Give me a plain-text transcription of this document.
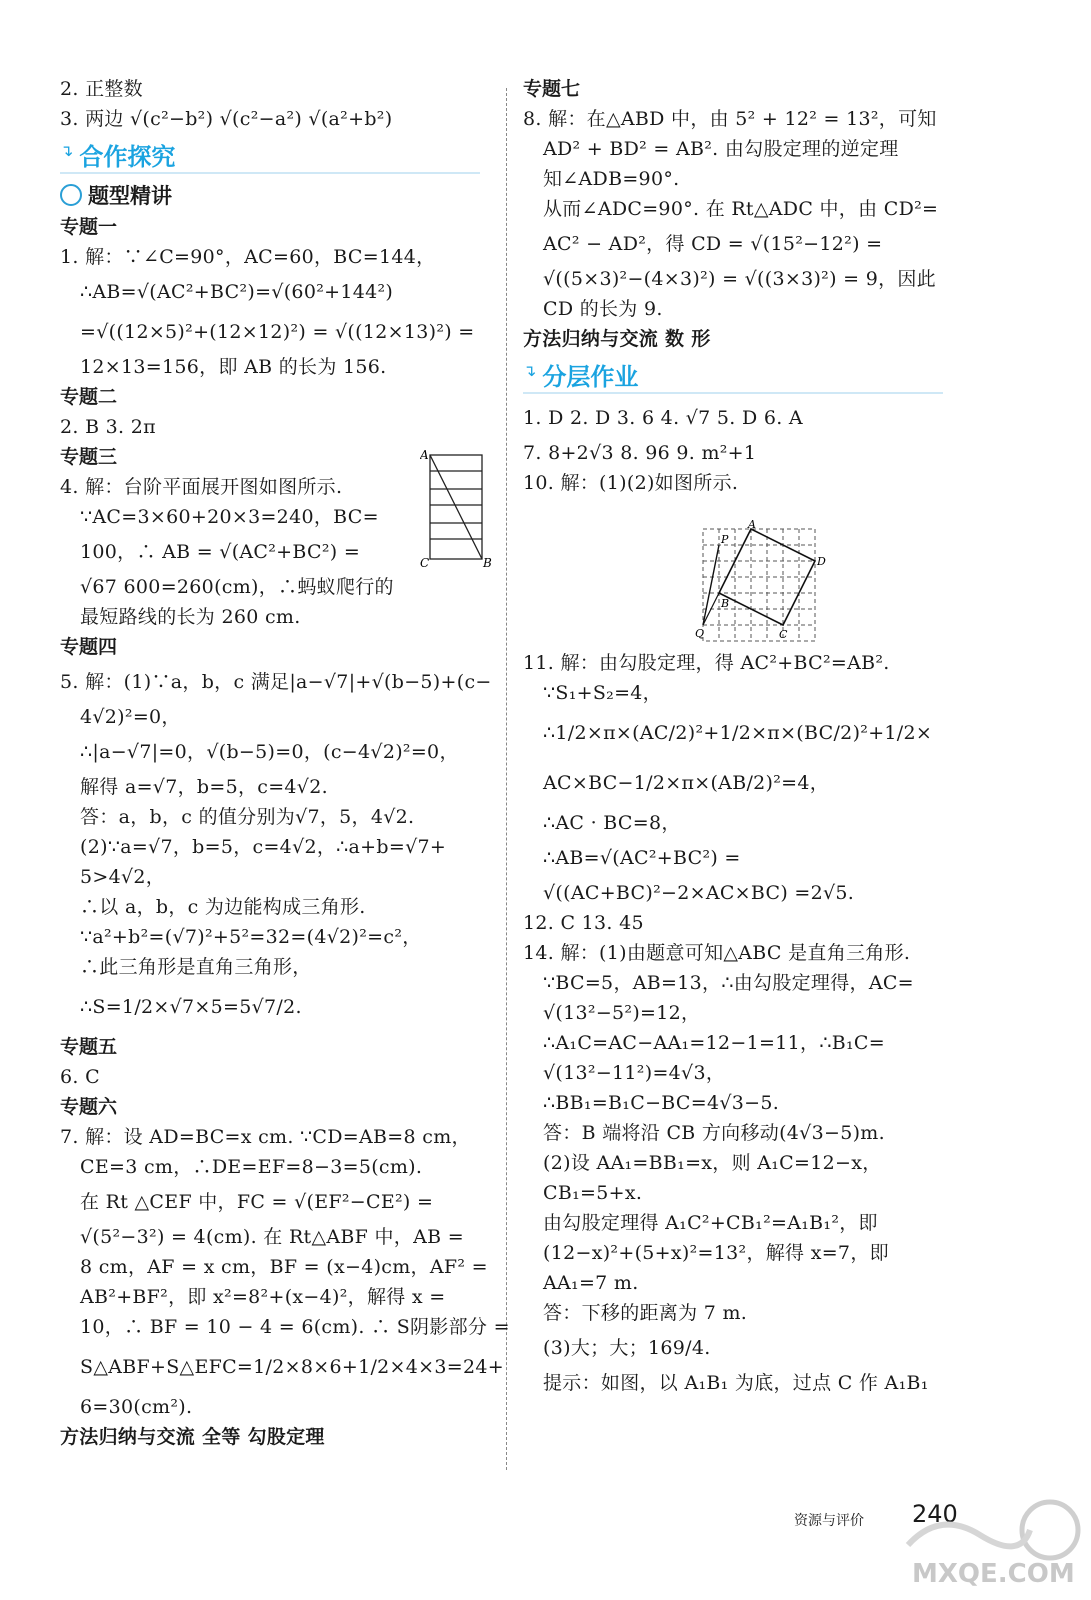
2. 正整数
3. 两边 √(c²−b²) √(c²−a²) √(a²+b²)
↴ 合作探究
题型精讲
专题一
1. 解：∵∠C=90°，AC=60，BC=144，
∴AB=√(AC²+BC²)=√(60²+144²)
=√((12×5)²+(12×12)²) = √((12×13)²) =
12×13=156，即 AB 的长为 156.
专题二
2. B 3. 2π
专题三
4. 解：台阶平面展开图如图所示.
∵AC=3×60+20×3=240，BC=
100，∴ AB = √(AC²+BC²) =
√67 600=260(cm)，∴蚂蚁爬行的
最短路线的长为 260 cm.
专题四
5. 解：(1)∵a，b，c 满足|a−√7|+√(b−5)+(c−
4√2)²=0，
∴|a−√7|=0，√(b−5)=0，(c−4√2)²=0，
解得 a=√7，b=5，c=4√2.
答：a，b，c 的值分别为√7，5，4√2.
(2)∵a=√7，b=5，c=4√2，∴a+b=√7+
5>4√2，
∴以 a，b，c 为边能构成三角形.
∵a²+b²=(√7)²+5²=32=(4√2)²=c²，
∴此三角形是直角三角形，
∴S=1/2×√7×5=5√7/2.
专题五
6. C
专题六
7. 解：设 AD=BC=x cm. ∵CD=AB=8 cm，
CE=3 cm，∴DE=EF=8−3=5(cm).
在 Rt △CEF 中，FC = √(EF²−CE²) =
√(5²−3²) = 4(cm). 在 Rt△ABF 中，AB =
8 cm，AF = x cm，BF = (x−4)cm，AF² =
AB²+BF²，即 x²=8²+(x−4)²，解得 x =
10，∴ BF = 10 − 4 = 6(cm). ∴ S阴影部分 =
S△ABF+S△EFC=1/2×8×6+1/2×4×3=24+
6=30(cm²).
方法归纳与交流 全等 勾股定理
A
C	B
专题七
8. 解：在△ABD 中，由 5² + 12² = 13²，可知
AD² + BD² = AB². 由勾股定理的逆定理
知∠ADB=90°.
从而∠ADC=90°. 在 Rt△ADC 中，由 CD²=
AC² − AD²，得 CD = √(15²−12²) =
√((5×3)²−(4×3)²) = √((3×3)²) = 9，因此
CD 的长为 9.
方法归纳与交流 数 形
↴ 分层作业
1. D 2. D 3. 6 4. √7 5. D 6. A
7. 8+2√3 8. 96 9. m²+1
10. 解：(1)(2)如图所示.
11. 解：由勾股定理，得 AC²+BC²=AB².
∵S₁+S₂=4，
∴1/2×π×(AC/2)²+1/2×π×(BC/2)²+1/2×
AC×BC−1/2×π×(AB/2)²=4，
∴AC · BC=8，
∴AB=√(AC²+BC²) =
√((AC+BC)²−2×AC×BC) =2√5.
12. C 13. 45
14. 解：(1)由题意可知△ABC 是直角三角形.
∵BC=5，AB=13，∴由勾股定理得，AC=
√(13²−5²)=12，
∴A₁C=AC−AA₁=12−1=11，∴B₁C=
√(13²−11²)=4√3，
∴BB₁=B₁C−BC=4√3−5.
答：B 端将沿 CB 方向移动(4√3−5)m.
(2)设 AA₁=BB₁=x，则 A₁C=12−x，
CB₁=5+x.
由勾股定理得 A₁C²+CB₁²=A₁B₁²，即
(12−x)²+(5+x)²=13²，解得 x=7，即
AA₁=7 m.
答：下移的距离为 7 m.
(3)大；大；169/4.
提示：如图，以 A₁B₁ 为底，过点 C 作 A₁B₁
A
P
D
B
Q	C
资源与评价 240
MXQE.COM
